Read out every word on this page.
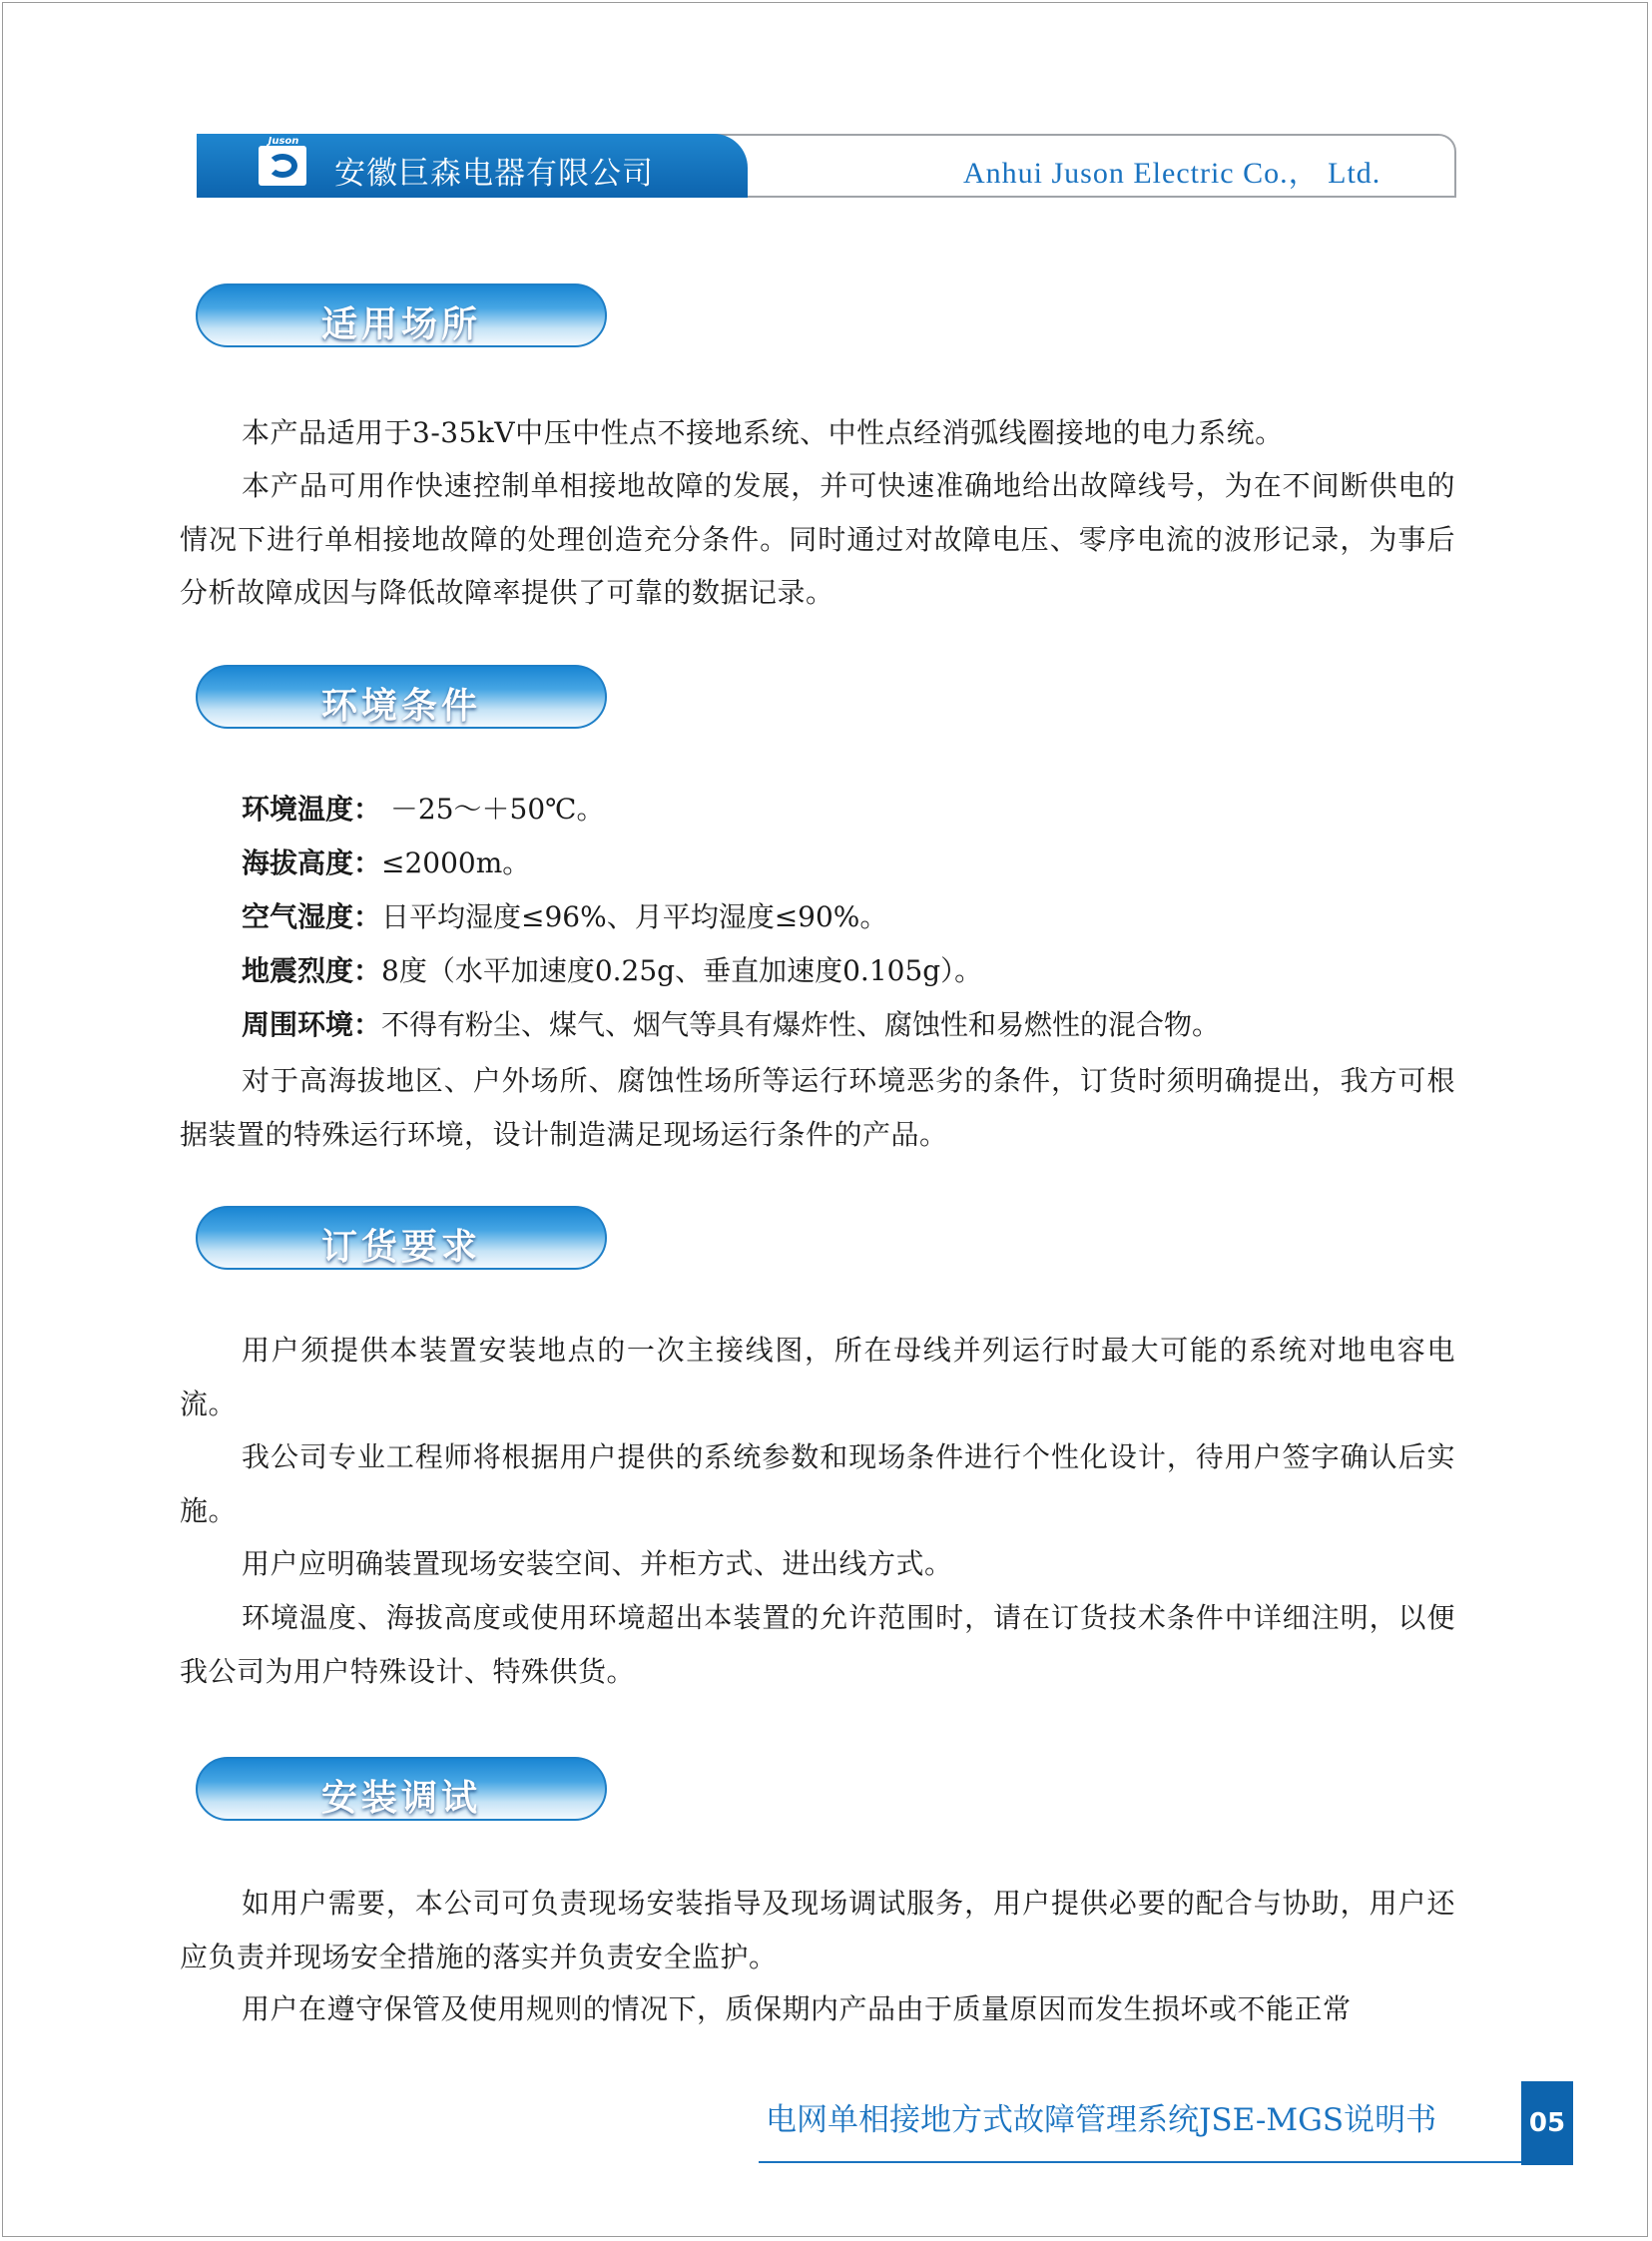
Juson
安徽巨森电器有限公司	Anhui Juson Electric Co.， Ltd.
适用场所

本产品适用于3-35kV中压中性点不接地系统、中性点经消弧线圈接地的电力系统。

本产品可用作快速控制单相接地故障的发展，并可快速准确地给出故障线号，为在不间断供电的情况下进行单相接地故障的处理创造充分条件。同时通过对故障电压、零序电流的波形记录，为事后分析故障成因与降低故障率提供了可靠的数据记录。

环境条件

环境温度： －25～＋50℃。

海拔高度：≤2000m。

空气湿度：日平均湿度≤96%、月平均湿度≤90%。

地震烈度：8度（水平加速度0.25g、垂直加速度0.105g）。

周围环境：不得有粉尘、煤气、烟气等具有爆炸性、腐蚀性和易燃性的混合物。

对于高海拔地区、户外场所、腐蚀性场所等运行环境恶劣的条件，订货时须明确提出，我方可根据装置的特殊运行环境，设计制造满足现场运行条件的产品。

订货要求

用户须提供本装置安装地点的一次主接线图，所在母线并列运行时最大可能的系统对地电容电流。

我公司专业工程师将根据用户提供的系统参数和现场条件进行个性化设计，待用户签字确认后实施。

用户应明确装置现场安装空间、并柜方式、进出线方式。

环境温度、海拔高度或使用环境超出本装置的允许范围时，请在订货技术条件中详细注明，以便我公司为用户特殊设计、特殊供货。

安装调试

如用户需要，本公司可负责现场安装指导及现场调试服务，用户提供必要的配合与协助，用户还应负责并现场安全措施的落实并负责安全监护。

用户在遵守保管及使用规则的情况下，质保期内产品由于质量原因而发生损坏或不能正常

电网单相接地方式故障管理系统JSE-MGS说明书	05
